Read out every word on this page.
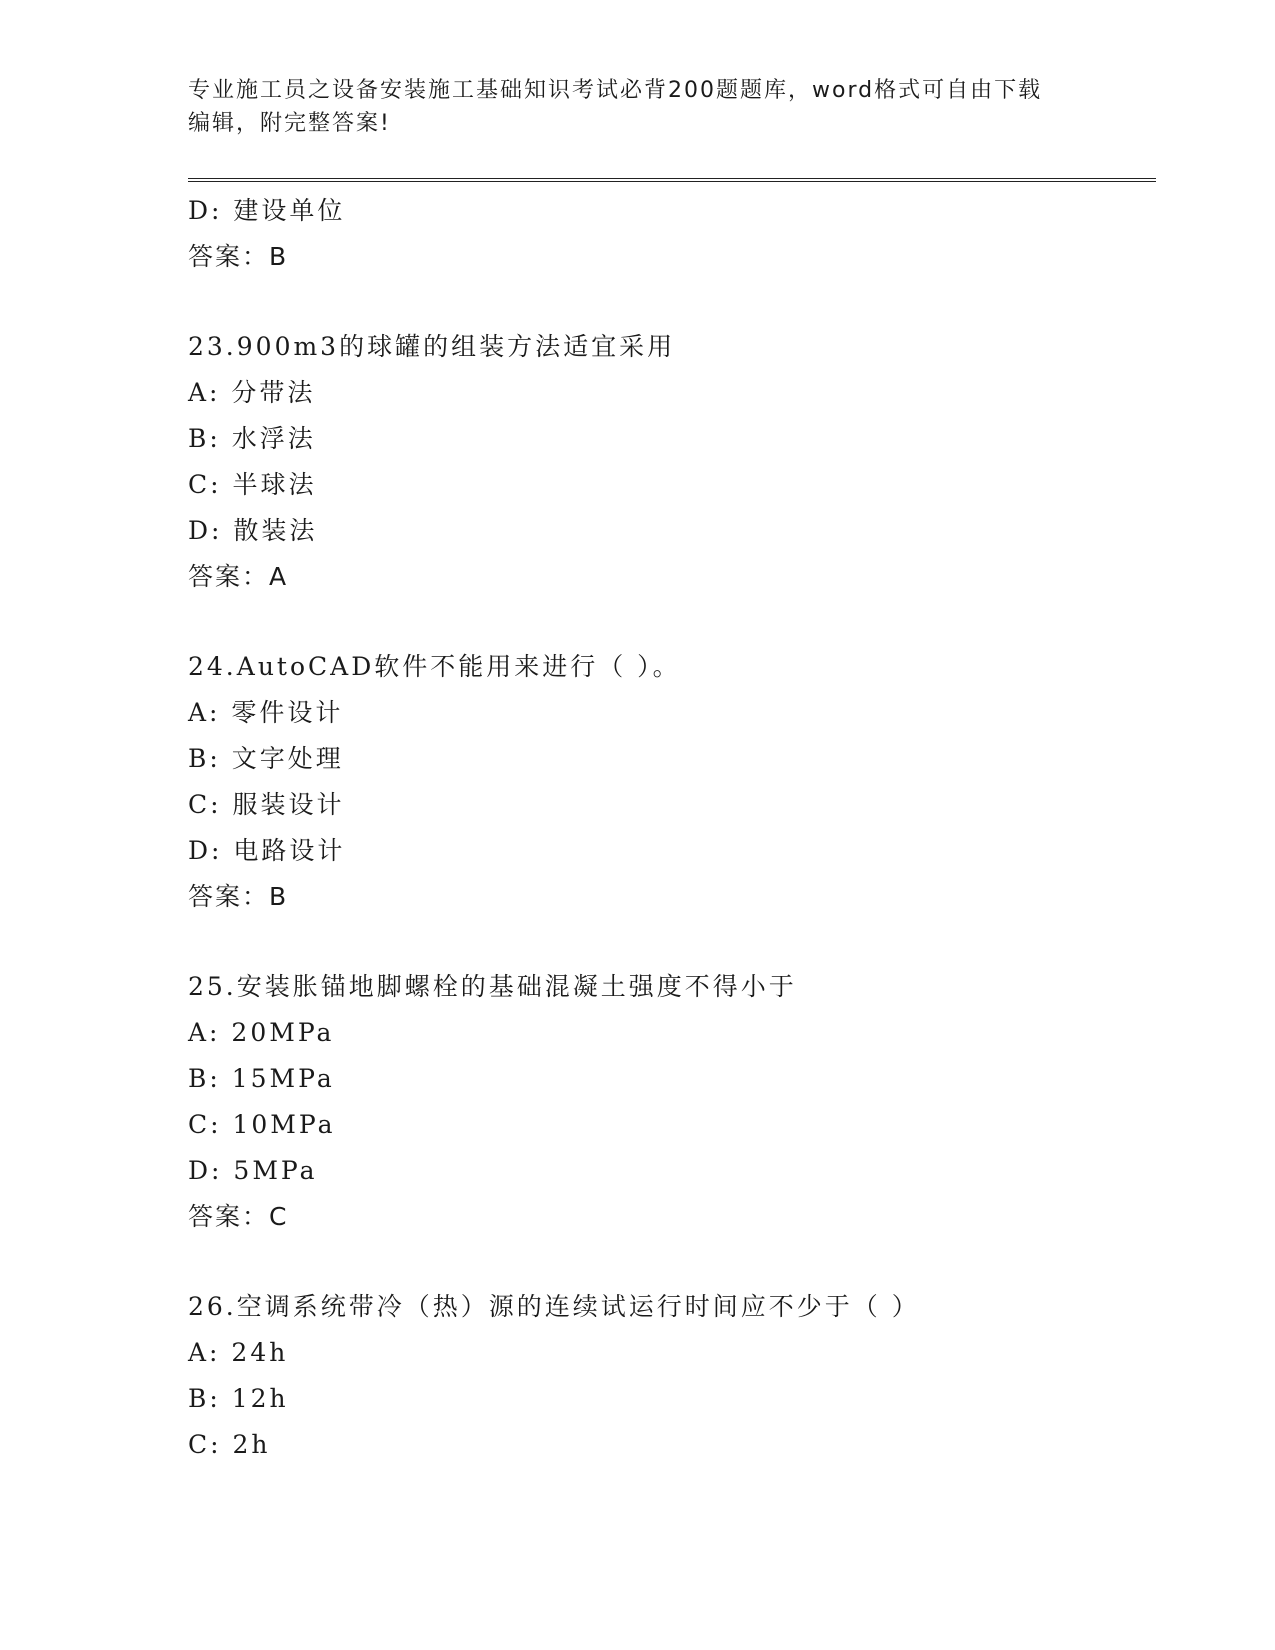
专业施工员之设备安装施工基础知识考试必背200题题库，word格式可自由下载
编辑，附完整答案!
D: 建设单位
答案：B
23.900m3的球罐的组装方法适宜采用
A: 分带法
B: 水浮法
C: 半球法
D: 散装法
答案：A
24.AutoCAD软件不能用来进行（ ）。
A: 零件设计
B: 文字处理
C: 服装设计
D: 电路设计
答案：B
25.安装胀锚地脚螺栓的基础混凝土强度不得小于
A: 20MPa
B: 15MPa
C: 10MPa
D: 5MPa
答案：C
26.空调系统带冷（热）源的连续试运行时间应不少于（ ）
A: 24h
B: 12h
C: 2h
